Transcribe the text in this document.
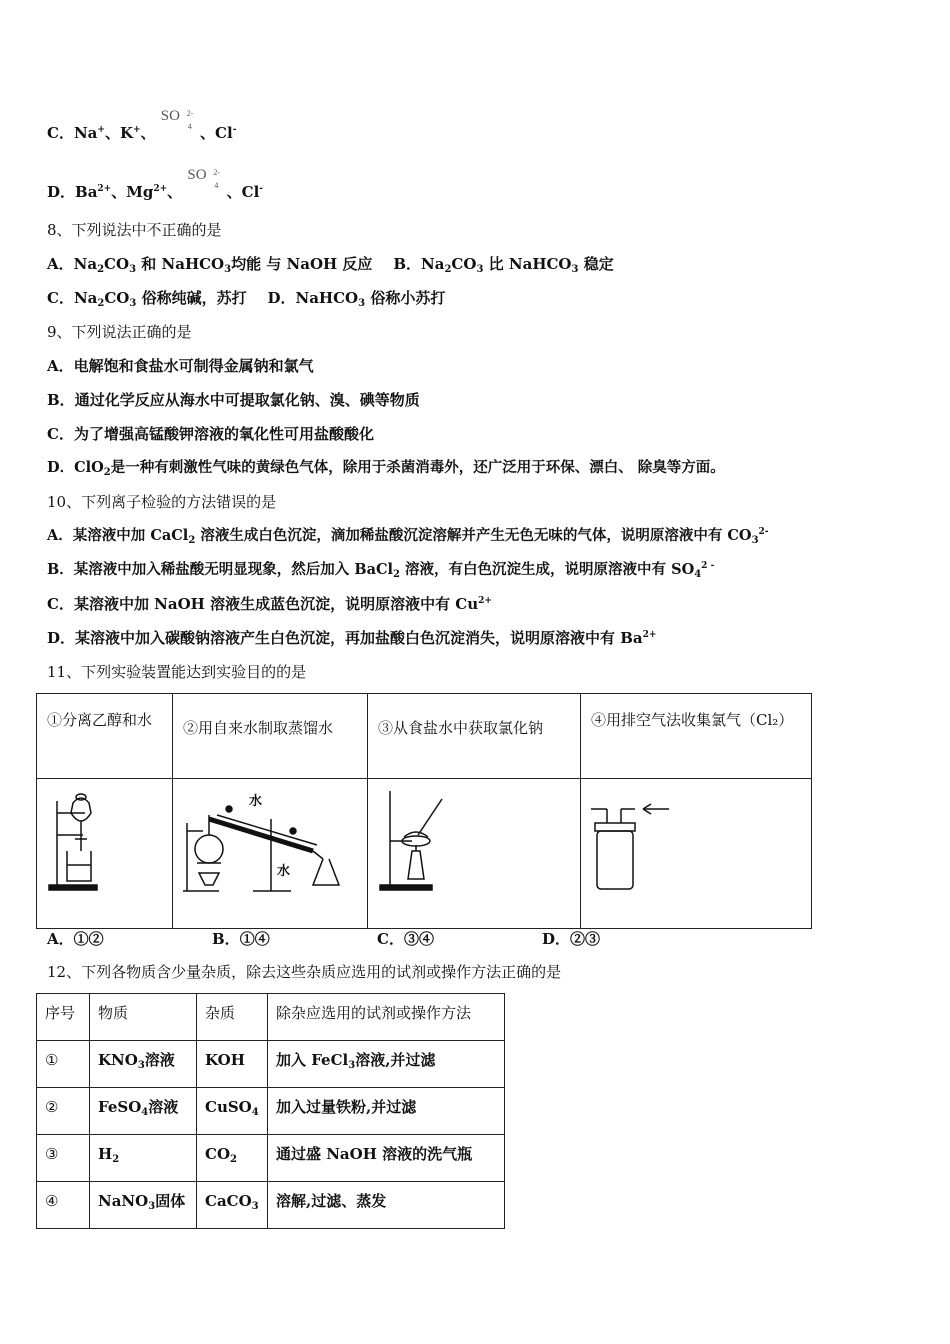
C．Na+、K+、
SO 2-
4 、Cl-
D．$Ba^{2+}$、$Mg^{2+}$、
SO 2-
4 、Cl-
8、下列说法中不正确的是
A．$Na_2CO_3$ 和 NaHCO$_3$均能 与 NaOH 反应 B．$Na_2CO_3$ 比 NaHCO$_3$ 稳定
C．$Na_2CO_3$ 俗称纯碱，苏打 D．NaHCO$_3$ 俗称小苏打
9、下列说法正确的是
A．电解饱和食盐水可制得金属钠和氯气
B．通过化学反应从海水中可提取氯化钠、溴、碘等物质
C．为了增强高锰酸钾溶液的氧化性可用盐酸酸化
D．ClO$_2$是一种有刺激性气味的黄绿色气体，除用于杀菌消毒外，还广泛用于环保、漂白、 除臭等方面。
10、下列离子检验的方法错误的是
A．某溶液中加 CaCl$_2$ 溶液生成白色沉淀，滴加稀盐酸沉淀溶解并产生无色无味的气体，说明原溶液中有 $CO_3^{2-}$
B．某溶液中加入稀盐酸无明显现象，然后加入 BaCl$_2$ 溶液，有白色沉淀生成，说明原溶液中有 $SO_4^{2 -}$
C．某溶液中加 NaOH 溶液生成蓝色沉淀，说明原溶液中有 $Cu^{2+}$
D．某溶液中加入碳酸钠溶液产生白色沉淀，再加盐酸白色沉淀消失，说明原溶液中有 $Ba^{2+}$
11、下列实验装置能达到实验目的的是
①分离乙醇和水	②用自来水制取蒸馏水	③从食盐水中获取氯化钠	④用排空气法收集氯气（Cl₂）

水
水

A．①②	B．①④	C．③④	D．②③
12、下列各物质含少量杂质，除去这些杂质应选用的试剂或操作方法正确的是
序号	物质	杂质	除杂应选用的试剂或操作方法
①	$KNO_3$溶液	KOH	加入 FeCl$_3$溶液,并过滤
②	FeSO$_4$溶液	CuSO$_4$	加入过量铁粉,并过滤
③	$H_2$	$CO_2$	通过盛 NaOH 溶液的洗气瓶
④	NaNO$_3$固体	CaCO$_3$	溶解,过滤、蒸发
